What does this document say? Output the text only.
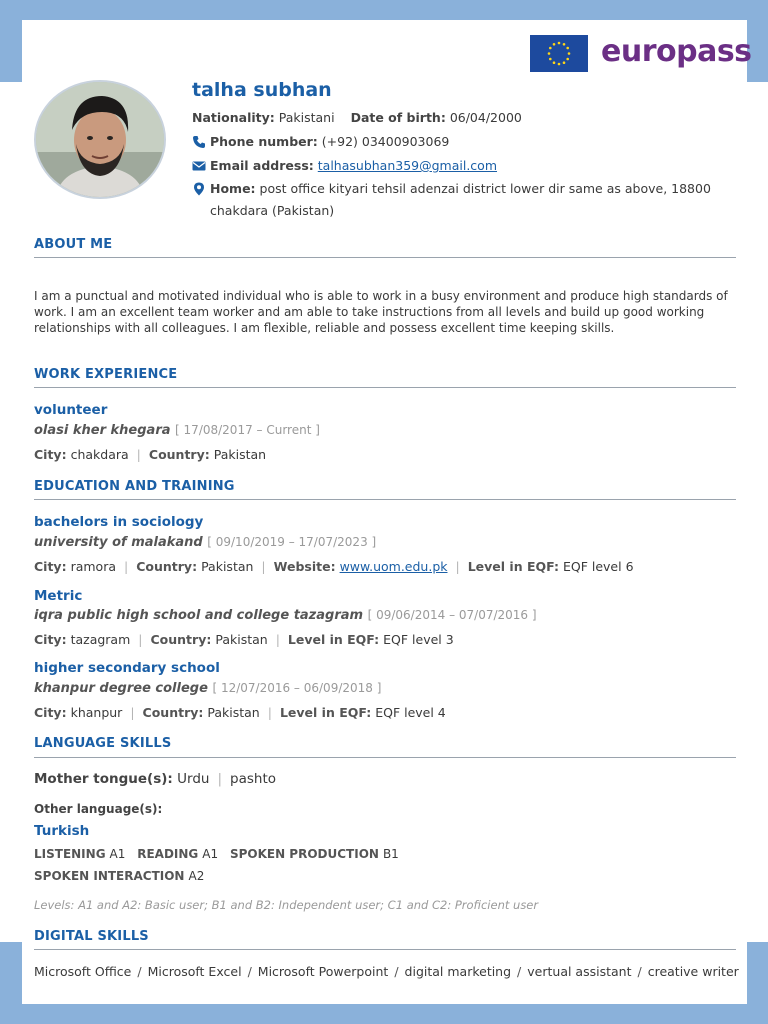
europass
talha subhan
Nationality: Pakistani Date of birth: 06/04/2000
Phone number: (+92) 03400903069
Email address: talhasubhan359@gmail.com
Home: post office kityari tehsil adenzai district lower dir same as above, 18800
chakdara (Pakistan)
ABOUT ME
I am a punctual and motivated individual who is able to work in a busy environment and produce high standards of work. I am an excellent team worker and am able to take instructions from all levels and build up good working relationships with all colleagues. I am flexible, reliable and possess excellent time keeping skills.
WORK EXPERIENCE
volunteer
olasi kher khegara [ 17/08/2017 – Current ]
City: chakdara | Country: Pakistan
EDUCATION AND TRAINING
bachelors in sociology
university of malakand [ 09/10/2019 – 17/07/2023 ]
City: ramora | Country: Pakistan | Website: www.uom.edu.pk | Level in EQF: EQF level 6
Metric
iqra public high school and college tazagram [ 09/06/2014 – 07/07/2016 ]
City: tazagram | Country: Pakistan | Level in EQF: EQF level 3
higher secondary school
khanpur degree college [ 12/07/2016 – 06/09/2018 ]
City: khanpur | Country: Pakistan | Level in EQF: EQF level 4
LANGUAGE SKILLS
Mother tongue(s): Urdu | pashto
Other language(s):
Turkish
LISTENING A1 READING A1 SPOKEN PRODUCTION B1
SPOKEN INTERACTION A2
Levels: A1 and A2: Basic user; B1 and B2: Independent user; C1 and C2: Proficient user
DIGITAL SKILLS
Microsoft Office / Microsoft Excel / Microsoft Powerpoint / digital marketing / vertual assistant / creative writer
